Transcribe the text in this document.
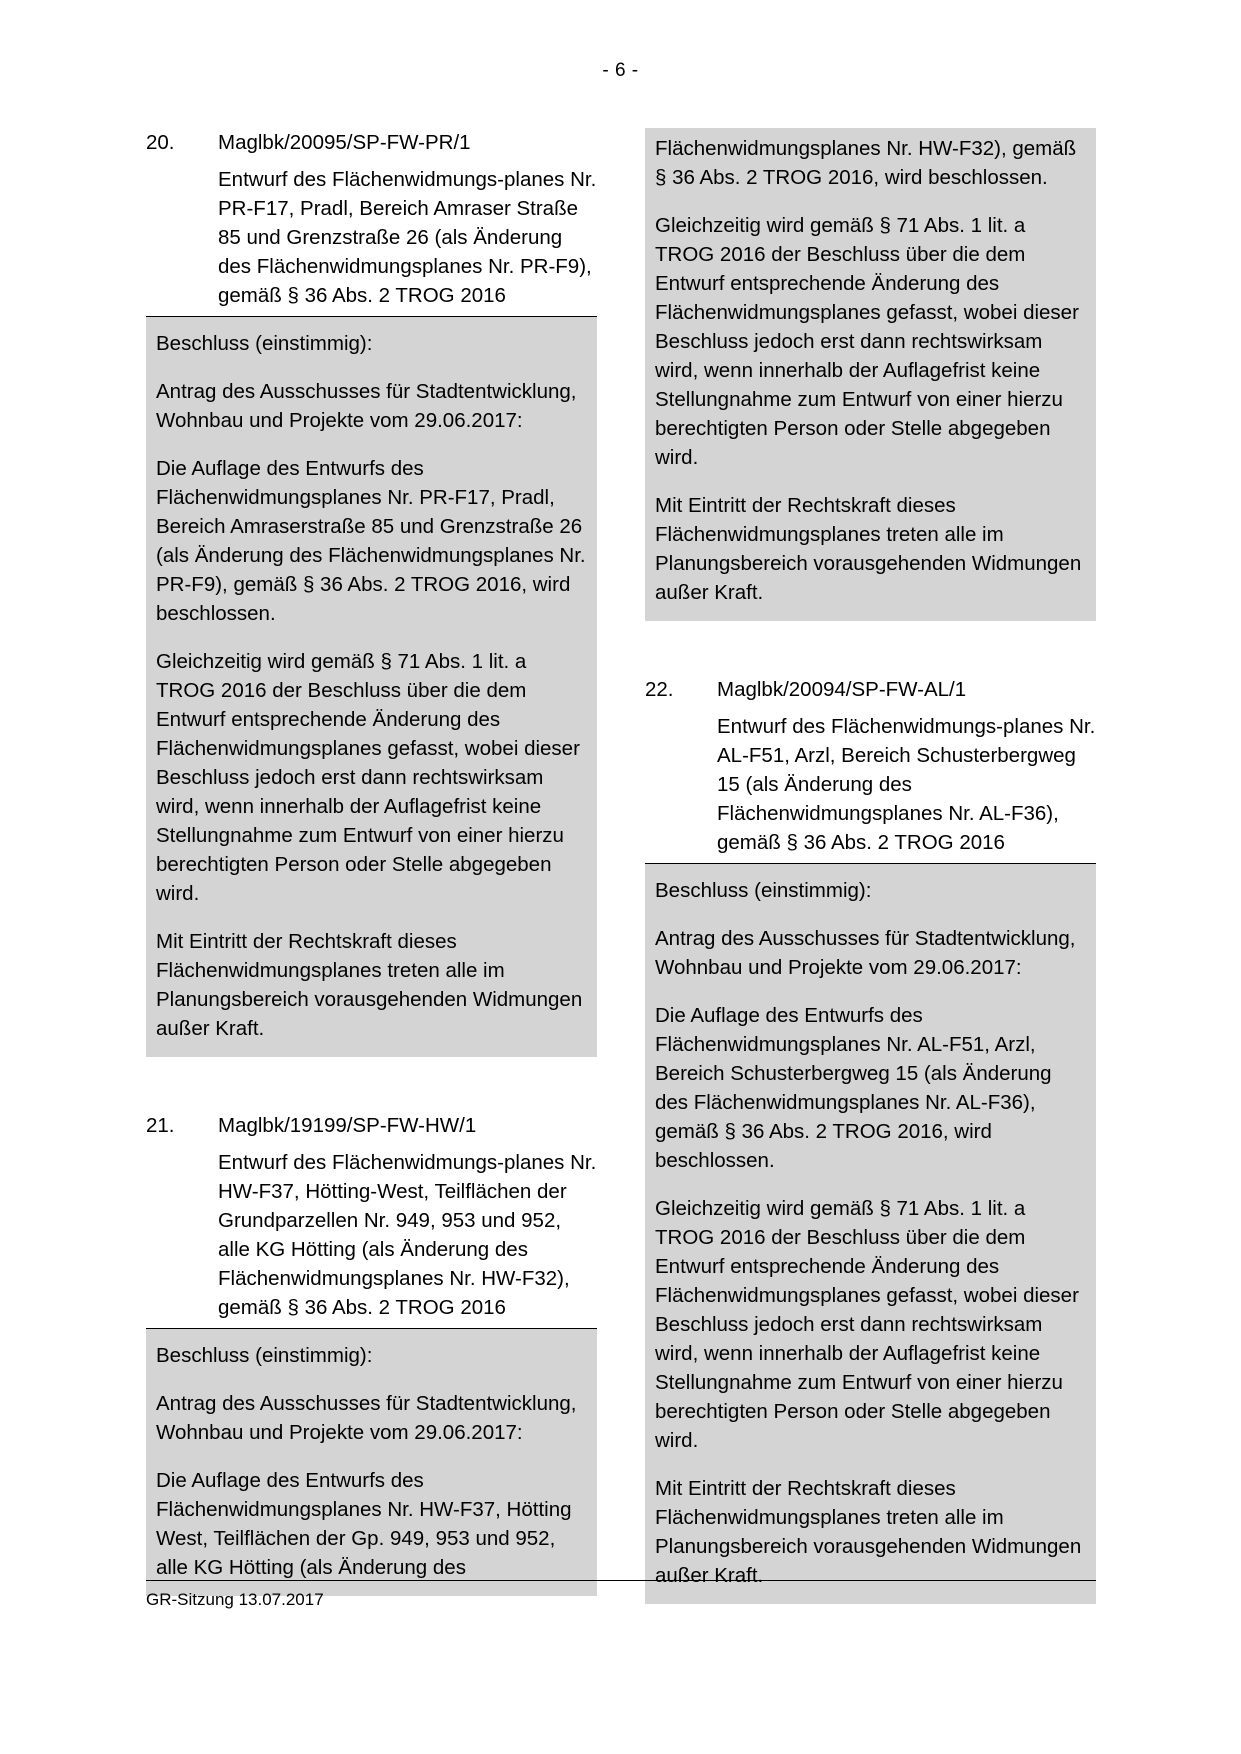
- 6 -
20.	Maglbk/20095/SP-FW-PR/1
Entwurf des Flächenwidmungs-planes Nr. PR-F17, Pradl, Bereich Amraser Straße 85 und Grenzstraße 26 (als Änderung des Flächenwidmungsplanes Nr. PR-F9), gemäß § 36 Abs. 2 TROG 2016

Beschluss (einstimmig):

Antrag des Ausschusses für Stadtentwicklung, Wohnbau und Projekte vom 29.06.2017:

Die Auflage des Entwurfs des Flächenwidmungsplanes Nr. PR-F17, Pradl, Bereich Amraserstraße 85 und Grenzstraße 26 (als Änderung des Flächenwidmungsplanes Nr. PR-F9), gemäß § 36 Abs. 2 TROG 2016, wird beschlossen.

Gleichzeitig wird gemäß § 71 Abs. 1 lit. a TROG 2016 der Beschluss über die dem Entwurf entsprechende Änderung des Flächenwidmungsplanes gefasst, wobei dieser Beschluss jedoch erst dann rechtswirksam wird, wenn innerhalb der Auflagefrist keine Stellungnahme zum Entwurf von einer hierzu berechtigten Person oder Stelle abgegeben wird.

Mit Eintritt der Rechtskraft dieses Flächenwidmungsplanes treten alle im Planungsbereich vorausgehenden Widmungen außer Kraft.

21.	Maglbk/19199/SP-FW-HW/1
Entwurf des Flächenwidmungs-planes Nr. HW-F37, Hötting-West, Teilflächen der Grundparzellen Nr. 949, 953 und 952, alle KG Hötting (als Änderung des Flächenwidmungsplanes Nr. HW-F32), gemäß § 36 Abs. 2 TROG 2016

Beschluss (einstimmig):

Antrag des Ausschusses für Stadtentwicklung, Wohnbau und Projekte vom 29.06.2017:

Die Auflage des Entwurfs des Flächenwidmungsplanes Nr. HW-F37, Hötting West, Teilflächen der Gp. 949, 953 und 952, alle KG Hötting (als Änderung des

Flächenwidmungsplanes Nr. HW-F32), gemäß § 36 Abs. 2 TROG 2016, wird beschlossen.

Gleichzeitig wird gemäß § 71 Abs. 1 lit. a TROG 2016 der Beschluss über die dem Entwurf entsprechende Änderung des Flächenwidmungsplanes gefasst, wobei dieser Beschluss jedoch erst dann rechtswirksam wird, wenn innerhalb der Auflagefrist keine Stellungnahme zum Entwurf von einer hierzu berechtigten Person oder Stelle abgegeben wird.

Mit Eintritt der Rechtskraft dieses Flächenwidmungsplanes treten alle im Planungsbereich vorausgehenden Widmungen außer Kraft.

22.	Maglbk/20094/SP-FW-AL/1
Entwurf des Flächenwidmungs-planes Nr. AL-F51, Arzl, Bereich Schusterbergweg 15 (als Änderung des Flächenwidmungsplanes Nr. AL-F36), gemäß § 36 Abs. 2 TROG 2016

Beschluss (einstimmig):

Antrag des Ausschusses für Stadtentwicklung, Wohnbau und Projekte vom 29.06.2017:

Die Auflage des Entwurfs des Flächenwidmungsplanes Nr. AL-F51, Arzl, Bereich Schusterbergweg 15 (als Änderung des Flächenwidmungsplanes Nr. AL-F36), gemäß § 36 Abs. 2 TROG 2016, wird beschlossen.

Gleichzeitig wird gemäß § 71 Abs. 1 lit. a TROG 2016 der Beschluss über die dem Entwurf entsprechende Änderung des Flächenwidmungsplanes gefasst, wobei dieser Beschluss jedoch erst dann rechtswirksam wird, wenn innerhalb der Auflagefrist keine Stellungnahme zum Entwurf von einer hierzu berechtigten Person oder Stelle abgegeben wird.

Mit Eintritt der Rechtskraft dieses Flächenwidmungsplanes treten alle im Planungsbereich vorausgehenden Widmungen außer Kraft.

GR-Sitzung 13.07.2017
